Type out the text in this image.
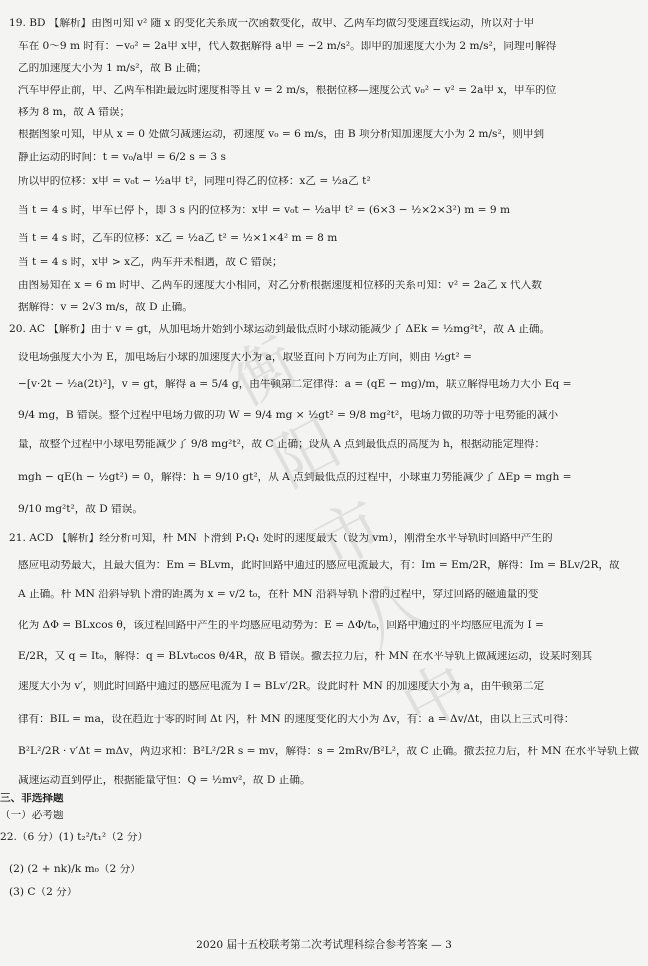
衡
阳
市
八
中
19. BD 【解析】由图可知 v² 随 x 的变化关系成一次函数变化，故甲、乙两车均做匀变速直线运动，所以对于甲
车在 0～9 m 时有：−v₀² = 2a甲 x甲，代入数据解得 a甲 = −2 m/s²。即甲的加速度大小为 2 m/s²，同理可解得
乙的加速度大小为 1 m/s²，故 B 正确；
汽车甲停止前，甲、乙两车相距最远时速度相等且 v = 2 m/s，根据位移—速度公式 v₀² − v² = 2a甲 x，甲车的位
移为 8 m，故 A 错误；
根据图象可知，甲从 x = 0 处做匀减速运动，初速度 v₀ = 6 m/s，由 B 项分析知加速度大小为 2 m/s²，则甲到
静止运动的时间：t = v₀/a甲 = 6/2 s = 3 s
所以甲的位移：x甲 = v₀t − ½a甲 t²，同理可得乙的位移：x乙 = ½a乙 t²
当 t = 4 s 时，甲车已停下，即 3 s 内的位移为：x甲 = v₀t − ½a甲 t² = (6×3 − ½×2×3²) m = 9 m
当 t = 4 s 时，乙车的位移：x乙 = ½a乙 t² = ½×1×4² m = 8 m
当 t = 4 s 时，x甲 > x乙，两车并未相遇，故 C 错误；
由图易知在 x = 6 m 时甲、乙两车的速度大小相同，对乙分析根据速度和位移的关系可知：v² = 2a乙 x 代入数
据解得：v = 2√3 m/s，故 D 正确。
20. AC 【解析】由于 v = gt，从加电场开始到小球运动到最低点时小球动能减少了 ΔEk = ½mg²t²，故 A 正确。
设电场强度大小为 E，加电场后小球的加速度大小为 a，取竖直向下方向为正方向，则由 ½gt² =
−[v·2t − ½a(2t)²]，v = gt，解得 a = 5/4 g，由牛顿第二定律得：a = (qE − mg)/m，联立解得电场力大小 Eq =
9/4 mg，B 错误。整个过程中电场力做的功 W = 9/4 mg × ½gt² = 9/8 mg²t²，电场力做的功等于电势能的减小
量，故整个过程中小球电势能减少了 9/8 mg²t²，故 C 正确；设从 A 点到最低点的高度为 h，根据动能定理得：
mgh − qE(h − ½gt²) = 0，解得：h = 9/10 gt²，从 A 点到最低点的过程中，小球重力势能减少了 ΔEp = mgh =
9/10 mg²t²，故 D 错误。
21. ACD 【解析】经分析可知，杆 MN 下滑到 P₁Q₁ 处时的速度最大（设为 vm），刚滑至水平导轨时回路中产生的
感应电动势最大，且最大值为：Em = BLvm，此时回路中通过的感应电流最大，有：Im = Em/2R，解得：Im = BLv/2R，故
A 正确。杆 MN 沿斜导轨下滑的距离为 x = v/2 t₀，在杆 MN 沿斜导轨下滑的过程中，穿过回路的磁通量的变
化为 ΔΦ = BLxcos θ，该过程回路中产生的平均感应电动势为：E = ΔΦ/t₀，回路中通过的平均感应电流为 I =
E/2R，又 q = It₀，解得：q = BLvt₀cos θ/4R，故 B 错误。撤去拉力后，杆 MN 在水平导轨上做减速运动，设某时刻其
速度大小为 v′，则此时回路中通过的感应电流为 I = BLv′/2R。设此时杆 MN 的加速度大小为 a，由牛顿第二定
律有：BIL = ma，设在趋近于零的时间 Δt 内，杆 MN 的速度变化的大小为 Δv，有：a = Δv/Δt，由以上三式可得：
B²L²/2R · v′Δt = mΔv，两边求和：B²L²/2R s = mv，解得：s = 2mRv/B²L²，故 C 正确。撤去拉力后，杆 MN 在水平导轨上做
减速运动直到停止，根据能量守恒：Q = ½mv²，故 D 正确。
三、非选择题
（一）必考题
22.（6 分）(1) t₂²/t₁²（2 分）
(2) (2 + nk)/k m₀（2 分）
(3) C（2 分）
2020 届十五校联考第二次考试理科综合参考答案 — 3
